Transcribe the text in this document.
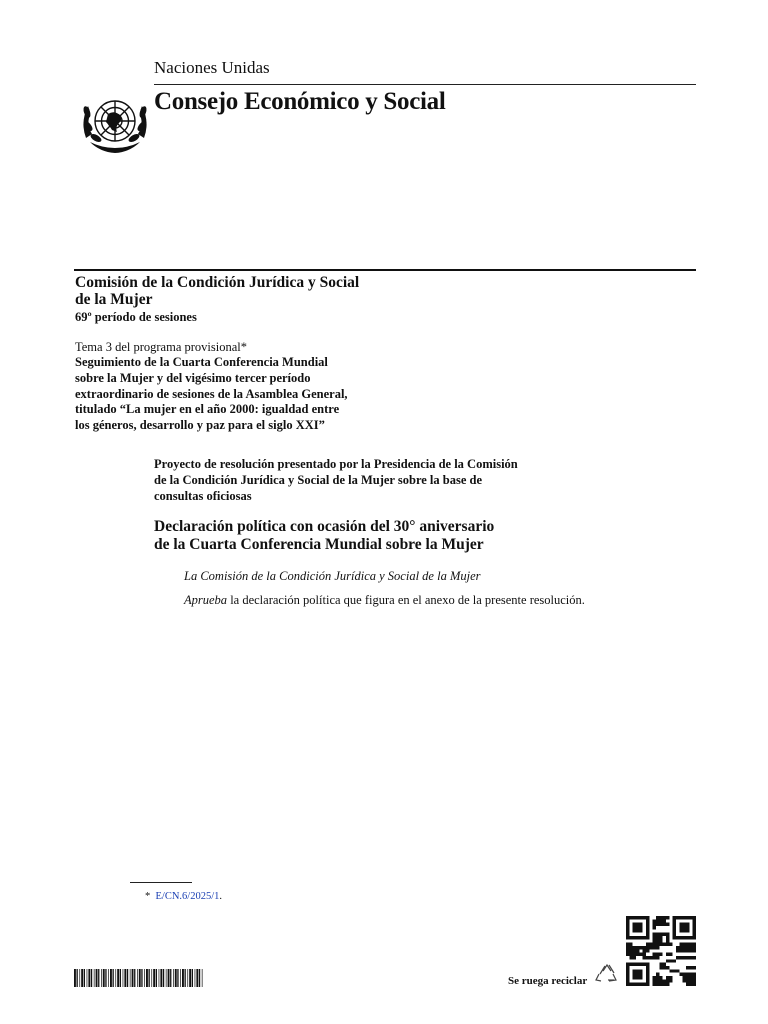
Naciones Unidas
Consejo Económico y Social
Comisión de la Condición Jurídica y Social
de la Mujer
69º período de sesiones
Tema 3 del programa provisional*
Seguimiento de la Cuarta Conferencia Mundial
sobre la Mujer y del vigésimo tercer período
extraordinario de sesiones de la Asamblea General,
titulado “La mujer en el año 2000: igualdad entre
los géneros, desarrollo y paz para el siglo XXI”
Proyecto de resolución presentado por la Presidencia de la Comisión
de la Condición Jurídica y Social de la Mujer sobre la base de
consultas oficiosas
Declaración política con ocasión del 30° aniversario
de la Cuarta Conferencia Mundial sobre la Mujer
La Comisión de la Condición Jurídica y Social de la Mujer
Aprueba la declaración política que figura en el anexo de la presente resolución.
* E/CN.6/2025/1.
Se ruega reciclar
